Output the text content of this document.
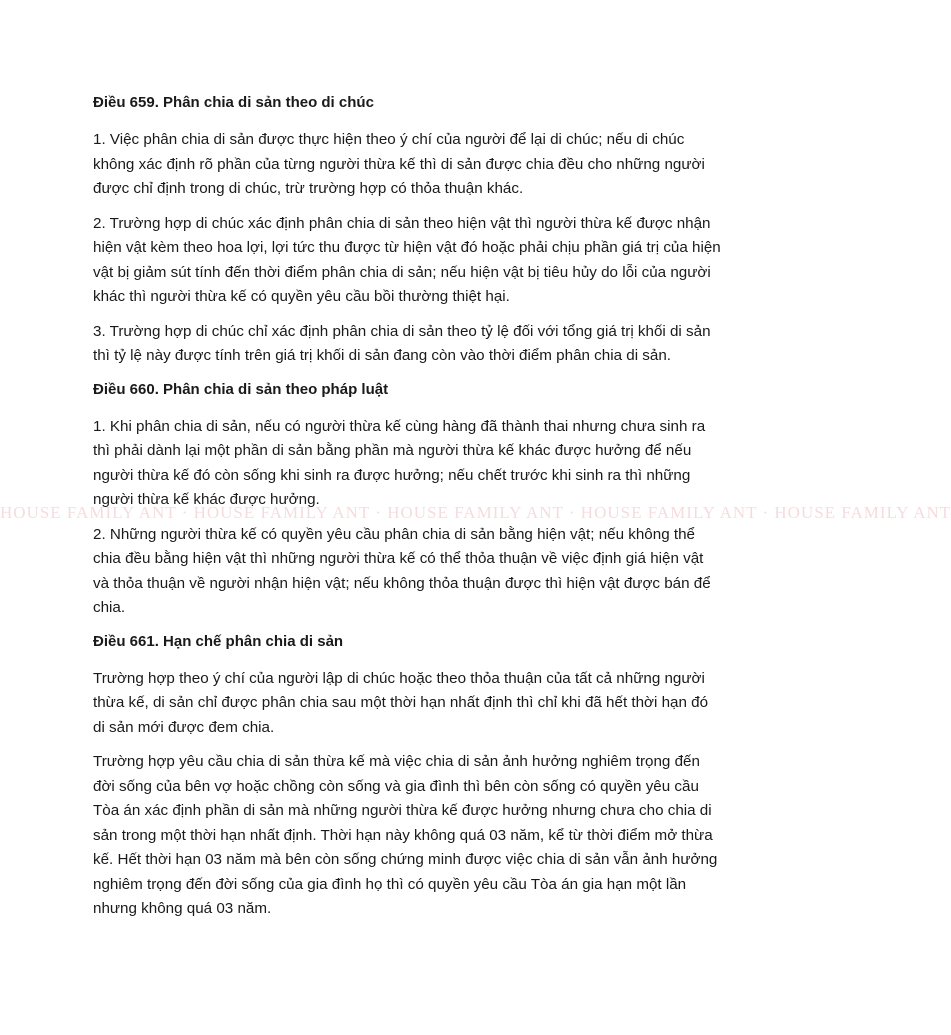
HOUSE FAMILY ANT · HOUSE FAMILY ANT · HOUSE FAMILY ANT · HOUSE FAMILY ANT · HOUSE FAMILY ANT
Điều 659. Phân chia di sản theo di chúc

1. Việc phân chia di sản được thực hiện theo ý chí của người để lại di chúc; nếu di chúc không xác định rõ phần của từng người thừa kế thì di sản được chia đều cho những người được chỉ định trong di chúc, trừ trường hợp có thỏa thuận khác.

2. Trường hợp di chúc xác định phân chia di sản theo hiện vật thì người thừa kế được nhận hiện vật kèm theo hoa lợi, lợi tức thu được từ hiện vật đó hoặc phải chịu phần giá trị của hiện vật bị giảm sút tính đến thời điểm phân chia di sản; nếu hiện vật bị tiêu hủy do lỗi của người khác thì người thừa kế có quyền yêu cầu bồi thường thiệt hại.

3. Trường hợp di chúc chỉ xác định phân chia di sản theo tỷ lệ đối với tổng giá trị khối di sản thì tỷ lệ này được tính trên giá trị khối di sản đang còn vào thời điểm phân chia di sản.

Điều 660. Phân chia di sản theo pháp luật

1. Khi phân chia di sản, nếu có người thừa kế cùng hàng đã thành thai nhưng chưa sinh ra thì phải dành lại một phần di sản bằng phần mà người thừa kế khác được hưởng để nếu người thừa kế đó còn sống khi sinh ra được hưởng; nếu chết trước khi sinh ra thì những người thừa kế khác được hưởng.

2. Những người thừa kế có quyền yêu cầu phân chia di sản bằng hiện vật; nếu không thể chia đều bằng hiện vật thì những người thừa kế có thể thỏa thuận về việc định giá hiện vật và thỏa thuận về người nhận hiện vật; nếu không thỏa thuận được thì hiện vật được bán để chia.

Điều 661. Hạn chế phân chia di sản

Trường hợp theo ý chí của người lập di chúc hoặc theo thỏa thuận của tất cả những người thừa kế, di sản chỉ được phân chia sau một thời hạn nhất định thì chỉ khi đã hết thời hạn đó di sản mới được đem chia.

Trường hợp yêu cầu chia di sản thừa kế mà việc chia di sản ảnh hưởng nghiêm trọng đến đời sống của bên vợ hoặc chồng còn sống và gia đình thì bên còn sống có quyền yêu cầu Tòa án xác định phần di sản mà những người thừa kế được hưởng nhưng chưa cho chia di sản trong một thời hạn nhất định. Thời hạn này không quá 03 năm, kể từ thời điểm mở thừa kế. Hết thời hạn 03 năm mà bên còn sống chứng minh được việc chia di sản vẫn ảnh hưởng nghiêm trọng đến đời sống của gia đình họ thì có quyền yêu cầu Tòa án gia hạn một lần nhưng không quá 03 năm.
